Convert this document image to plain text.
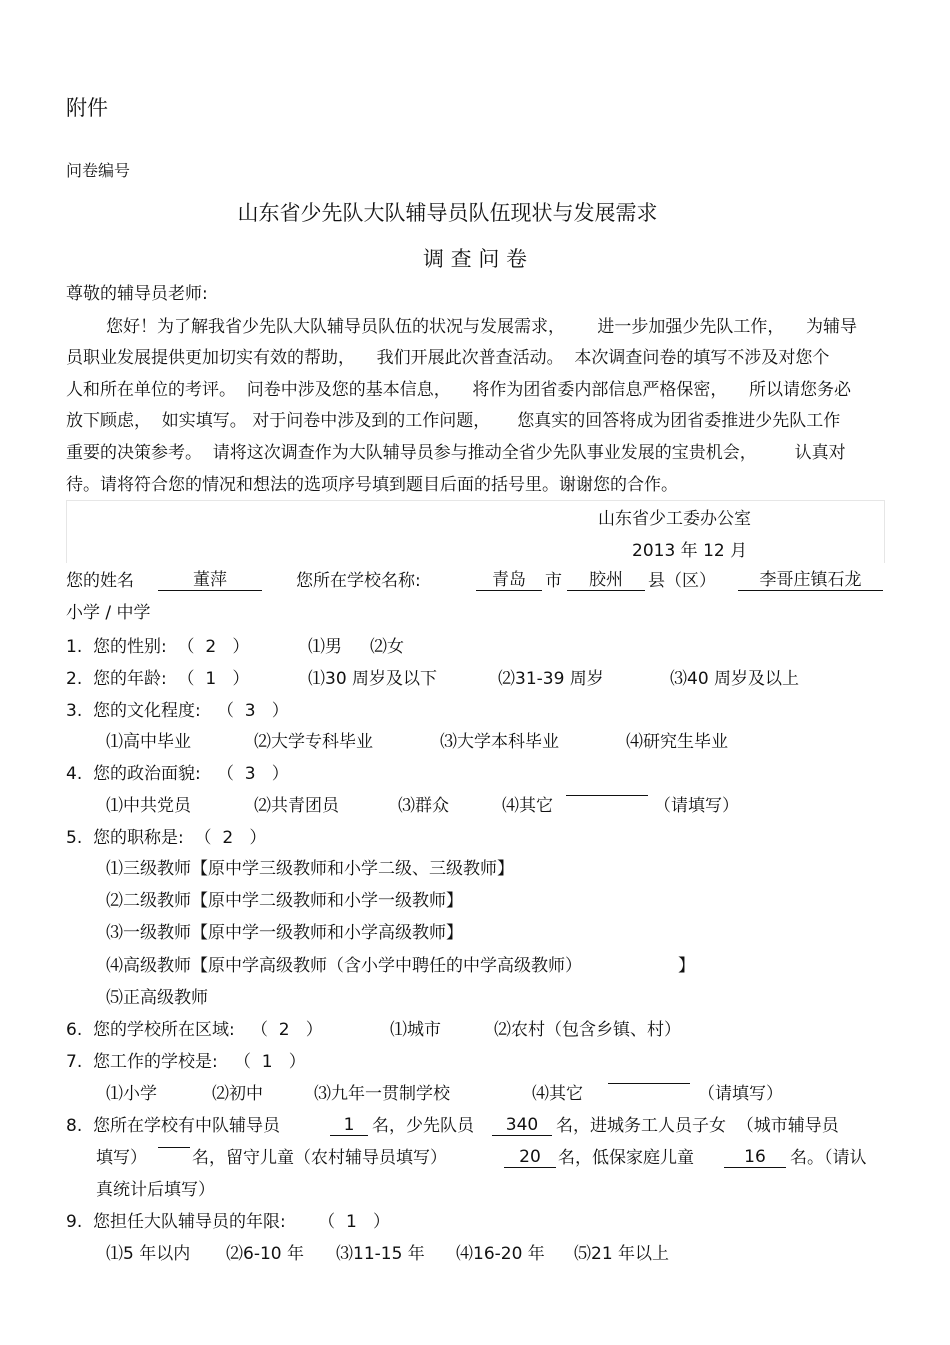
附件
问卷编号
山东省少先队大队辅导员队伍现状与发展需求
调 查 问 卷
尊敬的辅导员老师:
您好！为了解我省少先队大队辅导员队伍的状况与发展需求，      进一步加强少先队工作，    为辅导
员职业发展提供更加切实有效的帮助，    我们开展此次普查活动。  本次调查问卷的填写不涉及对您个
人和所在单位的考评。  问卷中涉及您的基本信息，    将作为团省委内部信息严格保密，    所以请您务必
放下顾虑，  如实填写。 对于问卷中涉及到的工作问题，     您真实的回答将成为团省委推进少先队工作
重要的决策参考。  请将这次调查作为大队辅导员参与推动全省少先队事业发展的宝贵机会，       认真对
待。请将符合您的情况和想法的选项序号填到题目后面的括号里。谢谢您的合作。
山东省少工委办公室
2013 年 12 月
您的姓名	董萍	您所在学校名称:	青岛	市	胶州	县（区）	李哥庄镇石龙
小学 / 中学
1.  您的性别:  （  2   ）	⑴男 ⑵女
2.  您的年龄:  （  1   ）	⑴30 周岁及以下	⑵31-39 周岁	⑶40 周岁及以上
3.  您的文化程度:   （  3   ）
⑴高中毕业	⑵大学专科毕业	⑶大学本科毕业	⑷研究生毕业
4.  您的政治面貌:   （  3   ）
⑴中共党员	⑵共青团员	⑶群众	⑷其它	（请填写）
5.  您的职称是:  （  2   ）
⑴三级教师【原中学三级教师和小学二级、三级教师】
⑵二级教师【原中学二级教师和小学一级教师】
⑶一级教师【原中学一级教师和小学高级教师】
⑷高级教师【原中学高级教师（含小学中聘任的中学高级教师）	】
⑸正高级教师
6.  您的学校所在区域:   （  2   ）	⑴城市	⑵农村（包含乡镇、村）
7.  您工作的学校是:   （  1   ）
⑴小学	⑵初中	⑶九年一贯制学校	⑷其它	（请填写）
8.  您所在学校有中队辅导员	1	名，少先队员	340	名，进城务工人员子女  （城市辅导员
填写）	名，留守儿童（农村辅导员填写）	20	名，低保家庭儿童	16	名。（请认
真统计后填写）
9.  您担任大队辅导员的年限:      （  1   ）
⑴5 年以内 ⑵6-10 年 ⑶11-15 年 ⑷16-20 年 ⑸21 年以上
